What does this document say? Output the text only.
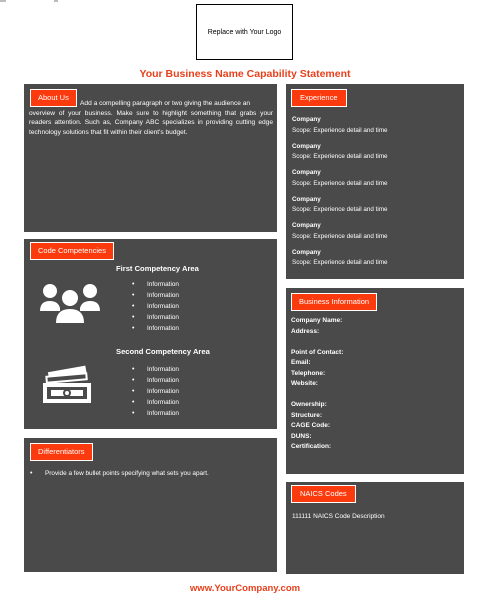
Replace with Your Logo
Your Business Name Capability Statement
About Us
Add a compelling paragraph or two giving the audience an
overview of your business. Make sure to highlight something that grabs your readers attention. Such as, Company ABC specializes in providing cutting edge technology solutions that fit within their client's budget.
Experience
Company
Scope: Experience detail and time
Company
Scope: Experience detail and time
Company
Scope: Experience detail and time
Company
Scope: Experience detail and time
Company
Scope: Experience detail and time
Company
Scope: Experience detail and time
Code Competencies
First Competency Area
• Information
• Information
• Information
• Information
• Information
Second Competency Area
• Information
• Information
• Information
• Information
• Information
Business Information
Company Name:
Address:
Point of Contact:
Email:
Telephone:
Website:
Ownership:
Structure:
CAGE Code:
DUNS:
Certification:
Differentiators
• Provide a few bullet points specifying what sets you apart.
NAICS Codes
111111 NAICS Code Description
www.YourCompany.com
